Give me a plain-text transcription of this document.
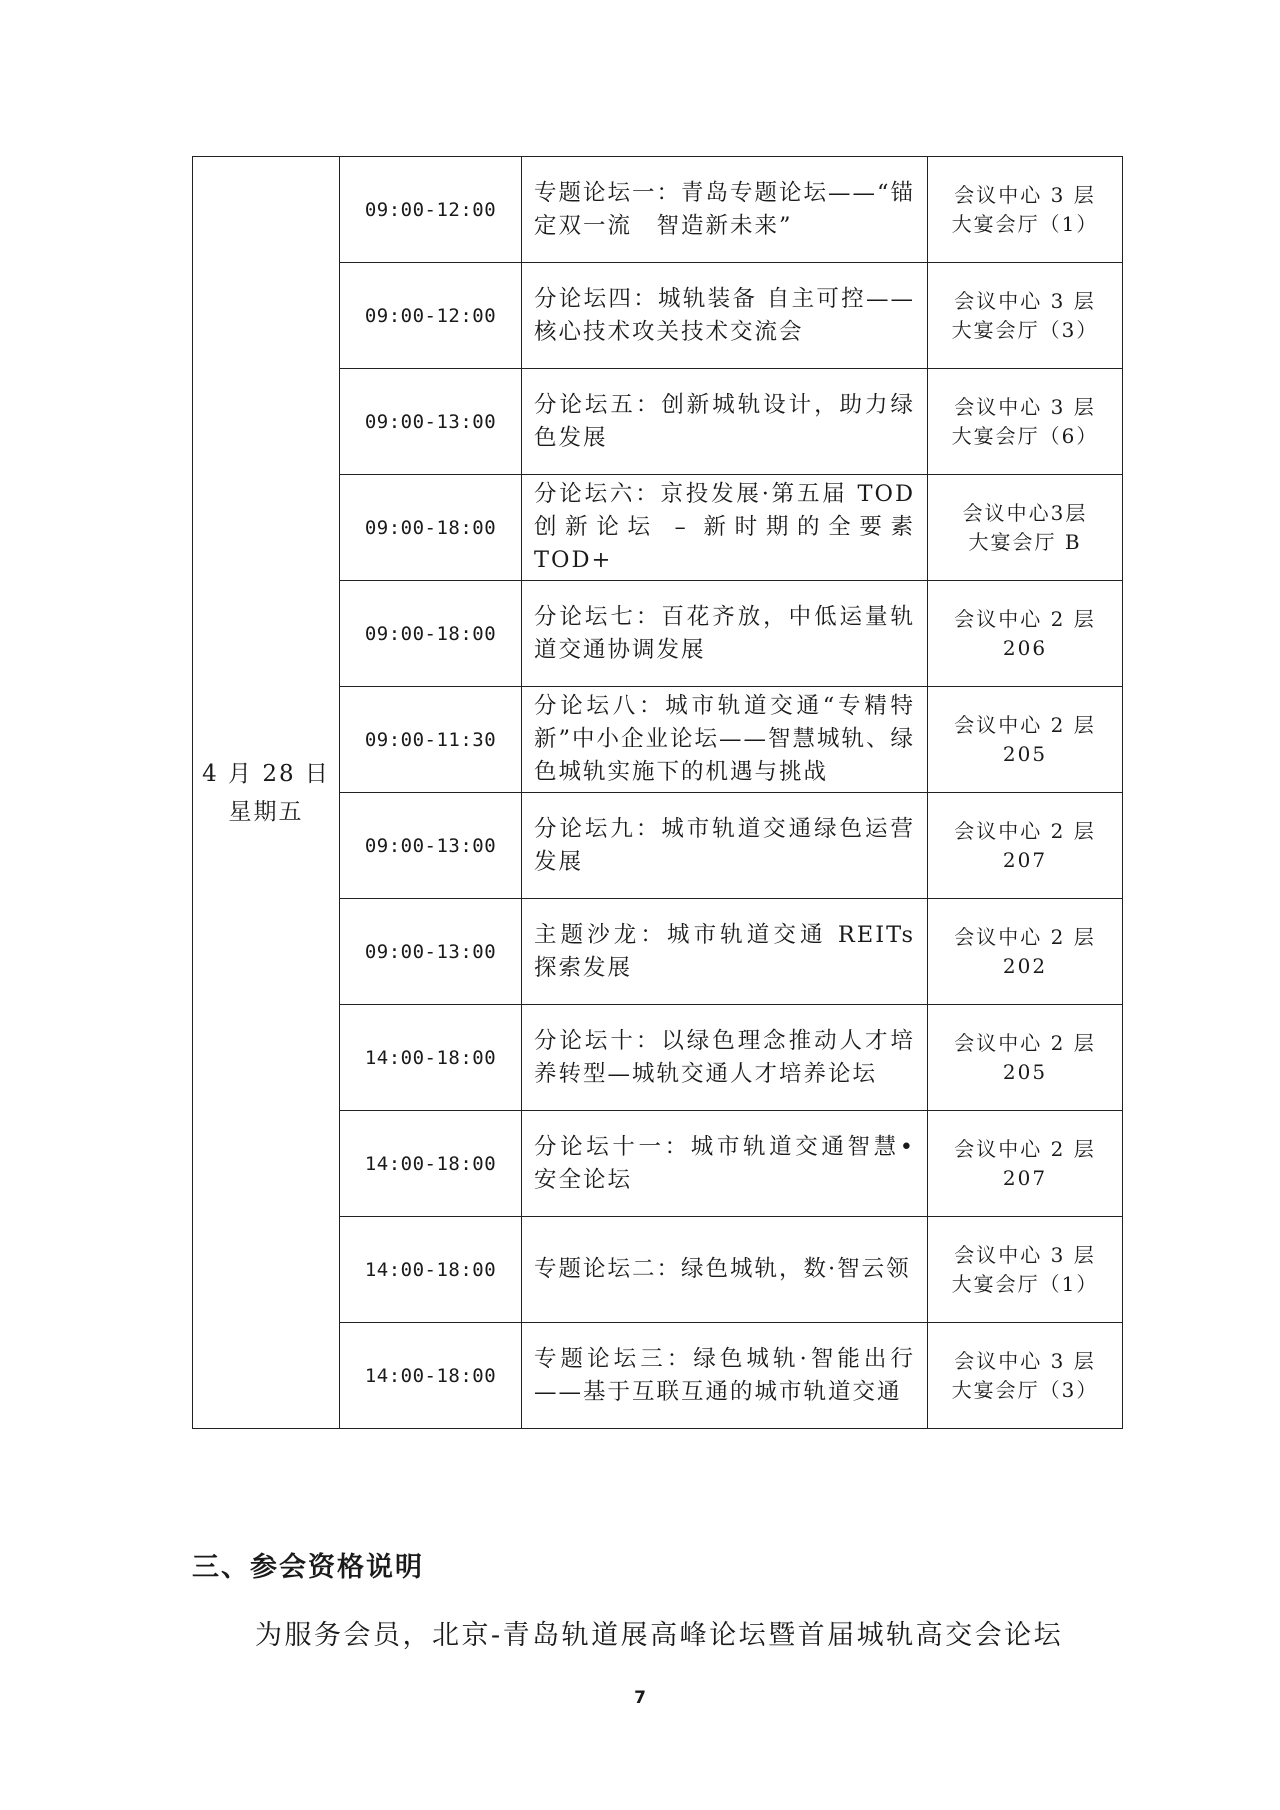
4 月 28 日
星期五	09:00-12:00	专题论坛一：青岛专题论坛——“锚定双一流　智造新未来”	会议中心 3 层
大宴会厅（1）

	09:00-12:00	分论坛四：城轨装备 自主可控——核心技术攻关技术交流会	会议中心 3 层
大宴会厅（3）

	09:00-13:00	分论坛五：创新城轨设计，助力绿色发展	会议中心 3 层
大宴会厅（6）

	09:00-18:00	分论坛六：京投发展·第五届 TOD 创新论坛 – 新时期的全要素 TOD+	会议中心3层
大宴会厅 B

	09:00-18:00	分论坛七：百花齐放，中低运量轨道交通协调发展	会议中心 2 层
206

	09:00-11:30	分论坛八：城市轨道交通“专精特新”中小企业论坛——智慧城轨、绿色城轨实施下的机遇与挑战	会议中心 2 层
205

	09:00-13:00	分论坛九：城市轨道交通绿色运营发展	会议中心 2 层
207

	09:00-13:00	主题沙龙：城市轨道交通 REITs 探索发展	会议中心 2 层
202

	14:00-18:00	分论坛十：以绿色理念推动人才培养转型—城轨交通人才培养论坛	会议中心 2 层
205

	14:00-18:00	分论坛十一：城市轨道交通智慧•安全论坛	会议中心 2 层
207

	14:00-18:00	专题论坛二：绿色城轨，数·智云领	会议中心 3 层
大宴会厅（1）

	14:00-18:00	专题论坛三：绿色城轨·智能出行——基于互联互通的城市轨道交通	会议中心 3 层
大宴会厅（3）
三、参会资格说明

为服务会员，北京-青岛轨道展高峰论坛暨首届城轨高交会论坛

7
